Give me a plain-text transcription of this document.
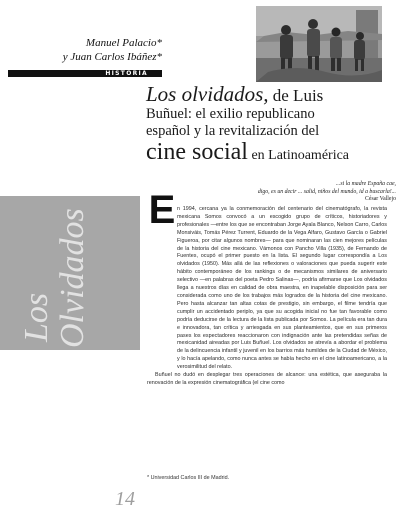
Manuel Palacio*
y Juan Carlos Ibáñez*
HISTORIA
Los olvidados, de Luis
Buñuel: el exilio republicano
español y la revitalización del
cine social en Latinoamérica
Los Olvidados
...si la madre España cae,
digo, es un decir ... salid, niños del mundo, id a buscarla!...
César Vallejo
E n 1994, cercana ya la conmemoración del centenario del cinematógrafo, la revista mexicana Somos convocó a un escogido grupo de críticos, historiadores y profesionales —entre los que se encontraban Jorge Ayala Blanco, Nelson Carro, Carlos Monsiváis, Tomás Pérez Turrent, Eduardo de la Vega Alfaro, Gustavo García o Gabriel Figueroa, por citar algunos nombres— para que nominaran las cien mejores películas de la historia del cine mexicano. Vámonos con Pancho Villa (1935), de Fernando de Fuentes, ocupó el primer puesto en la lista. El segundo lugar correspondía a Los olvidados (1950). Más allá de las reflexiones o valoraciones que pueda sugerir este hábito contemporáneo de los rankings o de mecanismos similares de aniversario selectivo —en palabras del poeta Pedro Salinas—, podría afirmarse que Los olvidados llega a nuestros días en calidad de obra maestra, en inapelable disposición para ser considerada como uno de los trabajos más logrados de la historia del cine mexicano. Pero hasta alcanzar tan altas cotas de prestigio, sin embargo, el filme tendría que cumplir un accidentado periplo, ya que su acogida inicial no fue tan favorable como podría deducirse de la lectura de la lista publicada por Somos. La película era tan dura e innovadora, tan crítica y arriesgada en sus planteamientos, que en sus primeros pases los espectadores reaccionaron con indignación ante las pretendidas señas de mexicanidad aireadas por Luis Buñuel. Los olvidados se atrevía a abordar el problema de la delincuencia infantil y juvenil en los barrios más humildes de la Ciudad de México, y lo hacía apelando, como nunca antes se había hecho en el cine latinoamericano, a la verosimilitud del relato.

Buñuel no dudó en desplegar tres operaciones de alcance: una estética, que aseguraba la renovación de la expresión cinematográfica (el cine como

* Universidad Carlos III de Madrid.
14
